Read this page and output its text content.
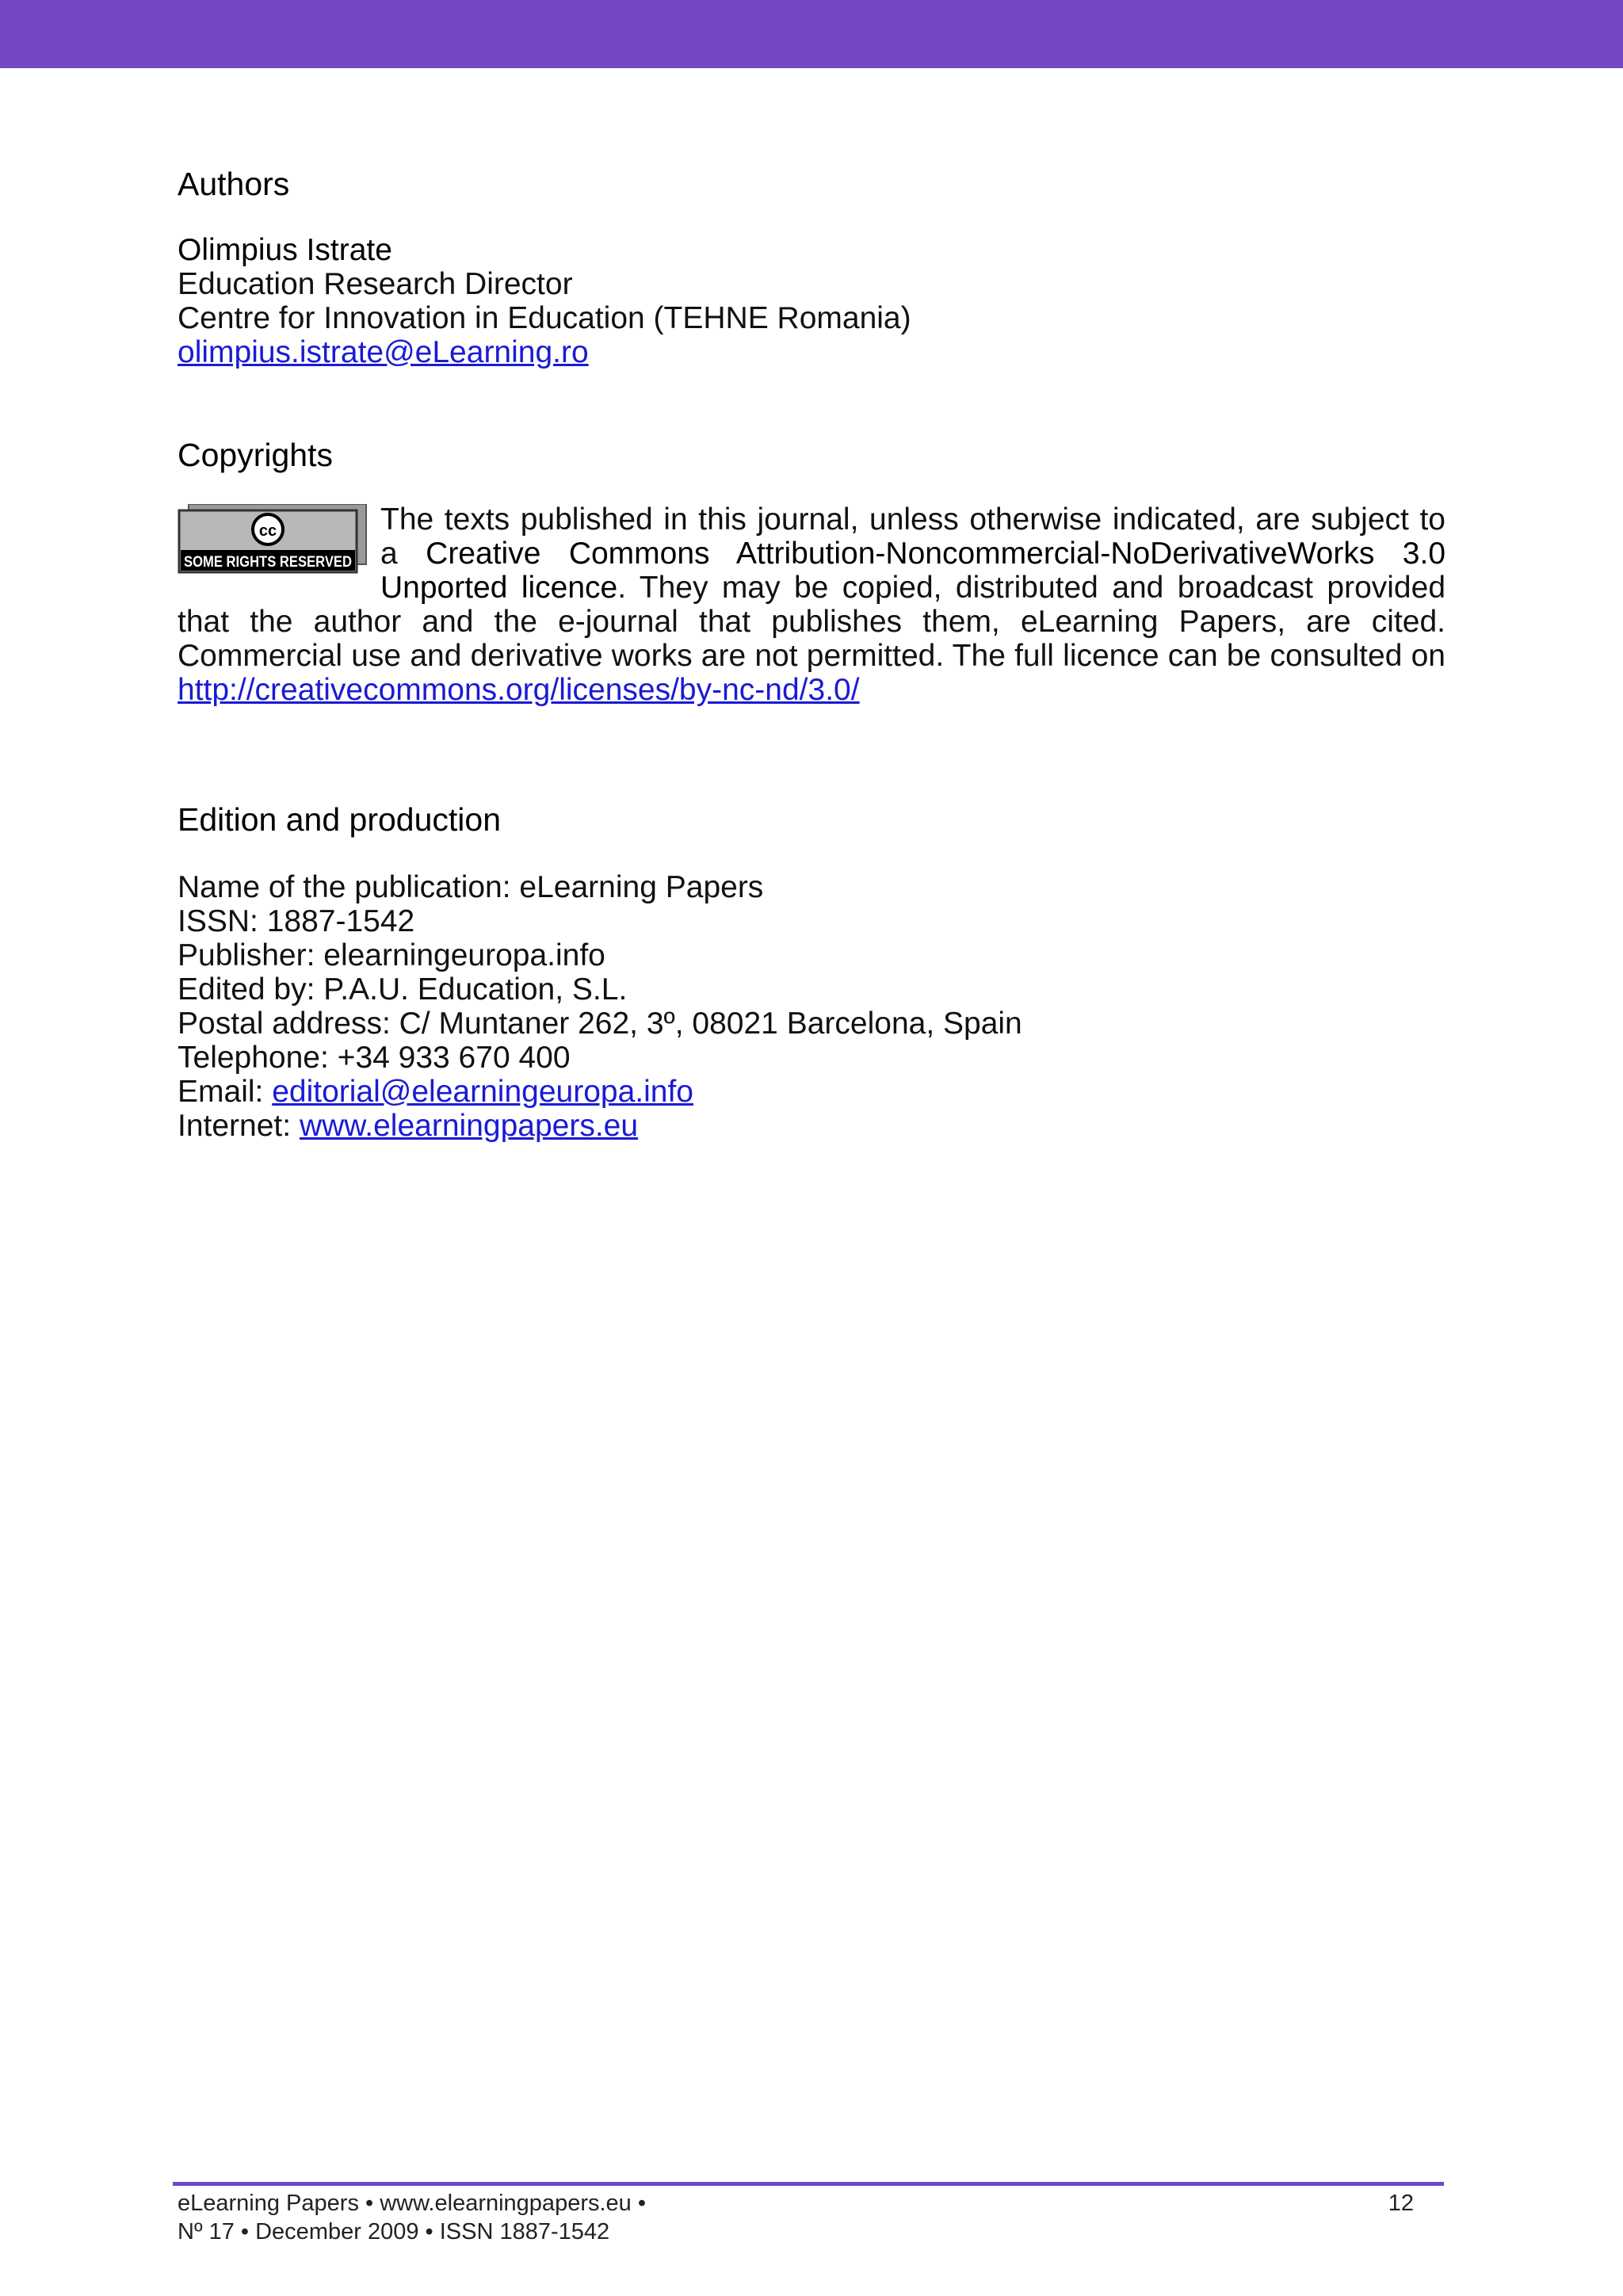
Authors
Olimpius Istrate
Education Research Director
Centre for Innovation in Education (TEHNE Romania)
olimpius.istrate@eLearning.ro
Copyrights
cc
SOME RIGHTS RESERVED
The texts published in this journal, unless otherwise indicated, are subject to a Creative Commons Attribution-Noncommercial-NoDerivativeWorks 3.0 Unported licence. They may be copied, distributed and broadcast provided that the author and the e-journal that publishes them, eLearning Papers, are cited. Commercial use and derivative works are not permitted. The full licence can be consulted on http://creativecommons.org/licenses/by-nc-nd/3.0/
Edition and production
Name of the publication: eLearning Papers
ISSN: 1887-1542
Publisher: elearningeuropa.info
Edited by: P.A.U. Education, S.L.
Postal address: C/ Muntaner 262, 3º, 08021 Barcelona, Spain
Telephone: +34 933 670 400
Email: editorial@elearningeuropa.info
Internet: www.elearningpapers.eu
eLearning Papers • www.elearningpapers.eu •
Nº 17 • December 2009 • ISSN 1887-1542
12
